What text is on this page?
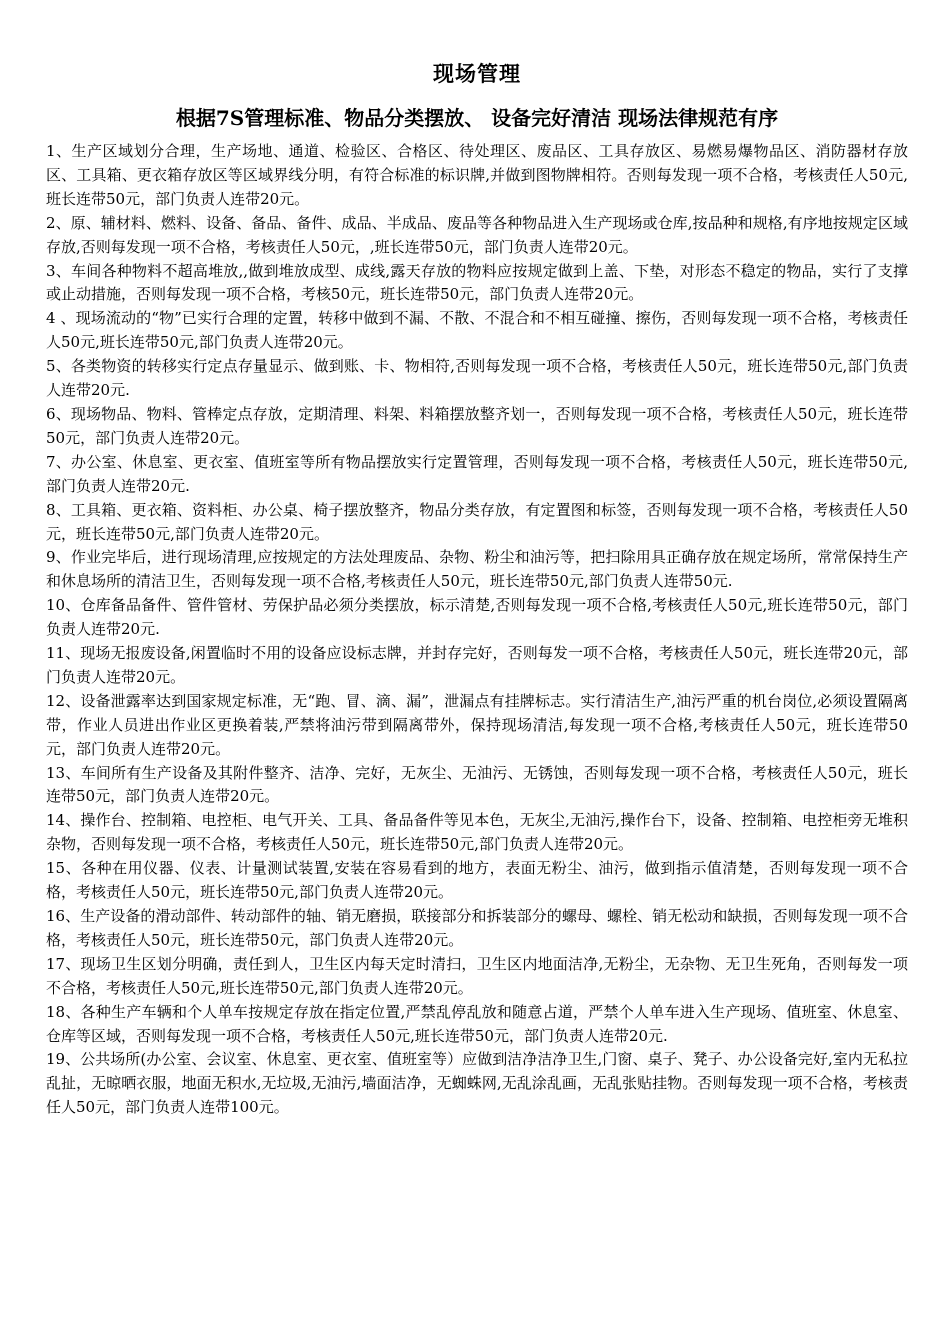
现场管理
根据7S管理标准、物品分类摆放、 设备完好清洁 现场法律规范有序

1、生产区域划分合理，生产场地、通道、检验区、合格区、待处理区、废品区、工具存放区、易燃易爆物品区、消防器材存放区、工具箱、更衣箱存放区等区域界线分明，有符合标准的标识牌,并做到图物牌相符。否则每发现一项不合格，考核责任人50元,班长连带50元，部门负责人连带20元。

2、原、辅材料、燃料、设备、备品、备件、成品、半成品、废品等各种物品进入生产现场或仓库,按品种和规格,有序地按规定区域存放,否则每发现一项不合格，考核责任人50元，,班长连带50元，部门负责人连带20元。

3、车间各种物料不超高堆放,,做到堆放成型、成线,露天存放的物料应按规定做到上盖、下垫，对形态不稳定的物品，实行了支撑或止动措施，否则每发现一项不合格，考核50元，班长连带50元，部门负责人连带20元。

4 、现场流动的“物”已实行合理的定置，转移中做到不漏、不散、不混合和不相互碰撞、擦伤，否则每发现一项不合格，考核责任人50元,班长连带50元,部门负责人连带20元。

5、各类物资的转移实行定点存量显示、做到账、卡、物相符,否则每发现一项不合格，考核责任人50元，班长连带50元,部门负责人连带20元.

6、现场物品、物料、管棒定点存放，定期清理、料架、料箱摆放整齐划一，否则每发现一项不合格，考核责任人50元，班长连带50元，部门负责人连带20元。

7、办公室、休息室、更衣室、值班室等所有物品摆放实行定置管理，否则每发现一项不合格，考核责任人50元，班长连带50元,部门负责人连带20元.

8、工具箱、更衣箱、资料柜、办公桌、椅子摆放整齐，物品分类存放，有定置图和标签，否则每发现一项不合格，考核责任人50元，班长连带50元,部门负责人连带20元。

9、作业完毕后，进行现场清理,应按规定的方法处理废品、杂物、粉尘和油污等，把扫除用具正确存放在规定场所，常常保持生产和休息场所的清洁卫生，否则每发现一项不合格,考核责任人50元，班长连带50元,部门负责人连带50元.

10、仓库备品备件、管件管材、劳保护品必须分类摆放，标示清楚,否则每发现一项不合格,考核责任人50元,班长连带50元，部门负责人连带20元.

11、现场无报废设备,闲置临时不用的设备应设标志牌，并封存完好，否则每发一项不合格，考核责任人50元，班长连带20元，部门负责人连带20元。

12、设备泄露率达到国家规定标准，无“跑、冒、滴、漏”，泄漏点有挂牌标志。实行清洁生产,油污严重的机台岗位,必须设置隔离带，作业人员进出作业区更换着装,严禁将油污带到隔离带外，保持现场清洁,每发现一项不合格,考核责任人50元，班长连带50元，部门负责人连带20元。

13、车间所有生产设备及其附件整齐、洁净、完好，无灰尘、无油污、无锈蚀，否则每发现一项不合格，考核责任人50元，班长连带50元，部门负责人连带20元。

14、操作台、控制箱、电控柜、电气开关、工具、备品备件等见本色，无灰尘,无油污,操作台下，设备、控制箱、电控柜旁无堆积杂物，否则每发现一项不合格，考核责任人50元，班长连带50元,部门负责人连带20元。

15、各种在用仪器、仪表、计量测试装置,安装在容易看到的地方，表面无粉尘、油污，做到指示值清楚，否则每发现一项不合格，考核责任人50元，班长连带50元,部门负责人连带20元。

16、生产设备的滑动部件、转动部件的轴、销无磨损，联接部分和拆装部分的螺母、螺栓、销无松动和缺损，否则每发现一项不合格，考核责任人50元，班长连带50元，部门负责人连带20元。

17、现场卫生区划分明确，责任到人，卫生区内每天定时清扫，卫生区内地面洁净,无粉尘，无杂物、无卫生死角，否则每发一项不合格，考核责任人50元,班长连带50元,部门负责人连带20元。

18、各种生产车辆和个人单车按规定存放在指定位置,严禁乱停乱放和随意占道，严禁个人单车进入生产现场、值班室、休息室、仓库等区域，否则每发现一项不合格，考核责任人50元,班长连带50元，部门负责人连带20元.

19、公共场所(办公室、会议室、休息室、更衣室、值班室等）应做到洁净洁净卫生,门窗、桌子、凳子、办公设备完好,室内无私拉乱扯，无晾晒衣服，地面无积水,无垃圾,无油污,墙面洁净，无蜘蛛网,无乱涂乱画，无乱张贴挂物。否则每发现一项不合格，考核责任人50元，部门负责人连带100元。
